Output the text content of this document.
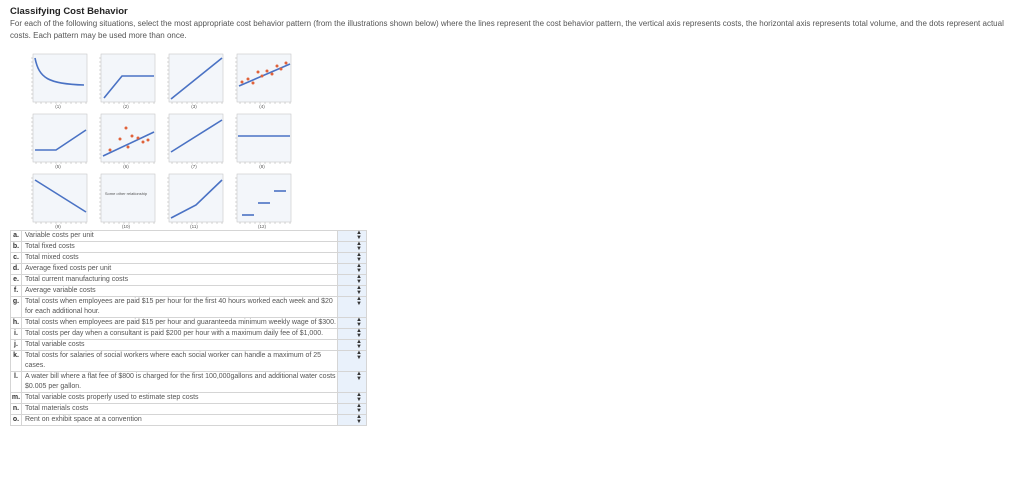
Classifying Cost Behavior
For each of the following situations, select the most appropriate cost behavior pattern (from the illustrations shown below) where the lines represent the cost behavior pattern, the vertical axis represents costs, the horizontal axis represents total volume, and the dots represent actual costs. Each pattern may be used more than once.
(1)	(2)	(3)	(4)
(5)	(6)	(7)	(8)
(9)
Some other relationship
(10)	(11)	(12)
a.	Variable costs per unit	▲
▼

b.	Total fixed costs	▲
▼

c.	Total mixed costs	▲
▼

d.	Average fixed costs per unit	▲
▼

e.	Total current manufacturing costs	▲
▼

f.	Average variable costs	▲
▼

g.	Total costs when employees are paid $15 per hour for the first 40 hours worked each week and $20 for each additional hour.	▲
▼

h.	Total costs when employees are paid $15 per hour and guaranteeda minimum weekly wage of $300.	▲
▼

i.	Total costs per day when a consultant is paid $200 per hour with a maximum daily fee of $1,000.	▲
▼

j.	Total variable costs	▲
▼

k.	Total costs for salaries of social workers where each social worker can handle a maximum of 25 cases.	▲
▼

l.	A water bill where a flat fee of $800 is charged for the first 100,000gallons and additional water costs $0.005 per gallon.	▲
▼

m.	Total variable costs properly used to estimate step costs	▲
▼

n.	Total materials costs	▲
▼

o.	Rent on exhibit space at a convention	▲
▼
